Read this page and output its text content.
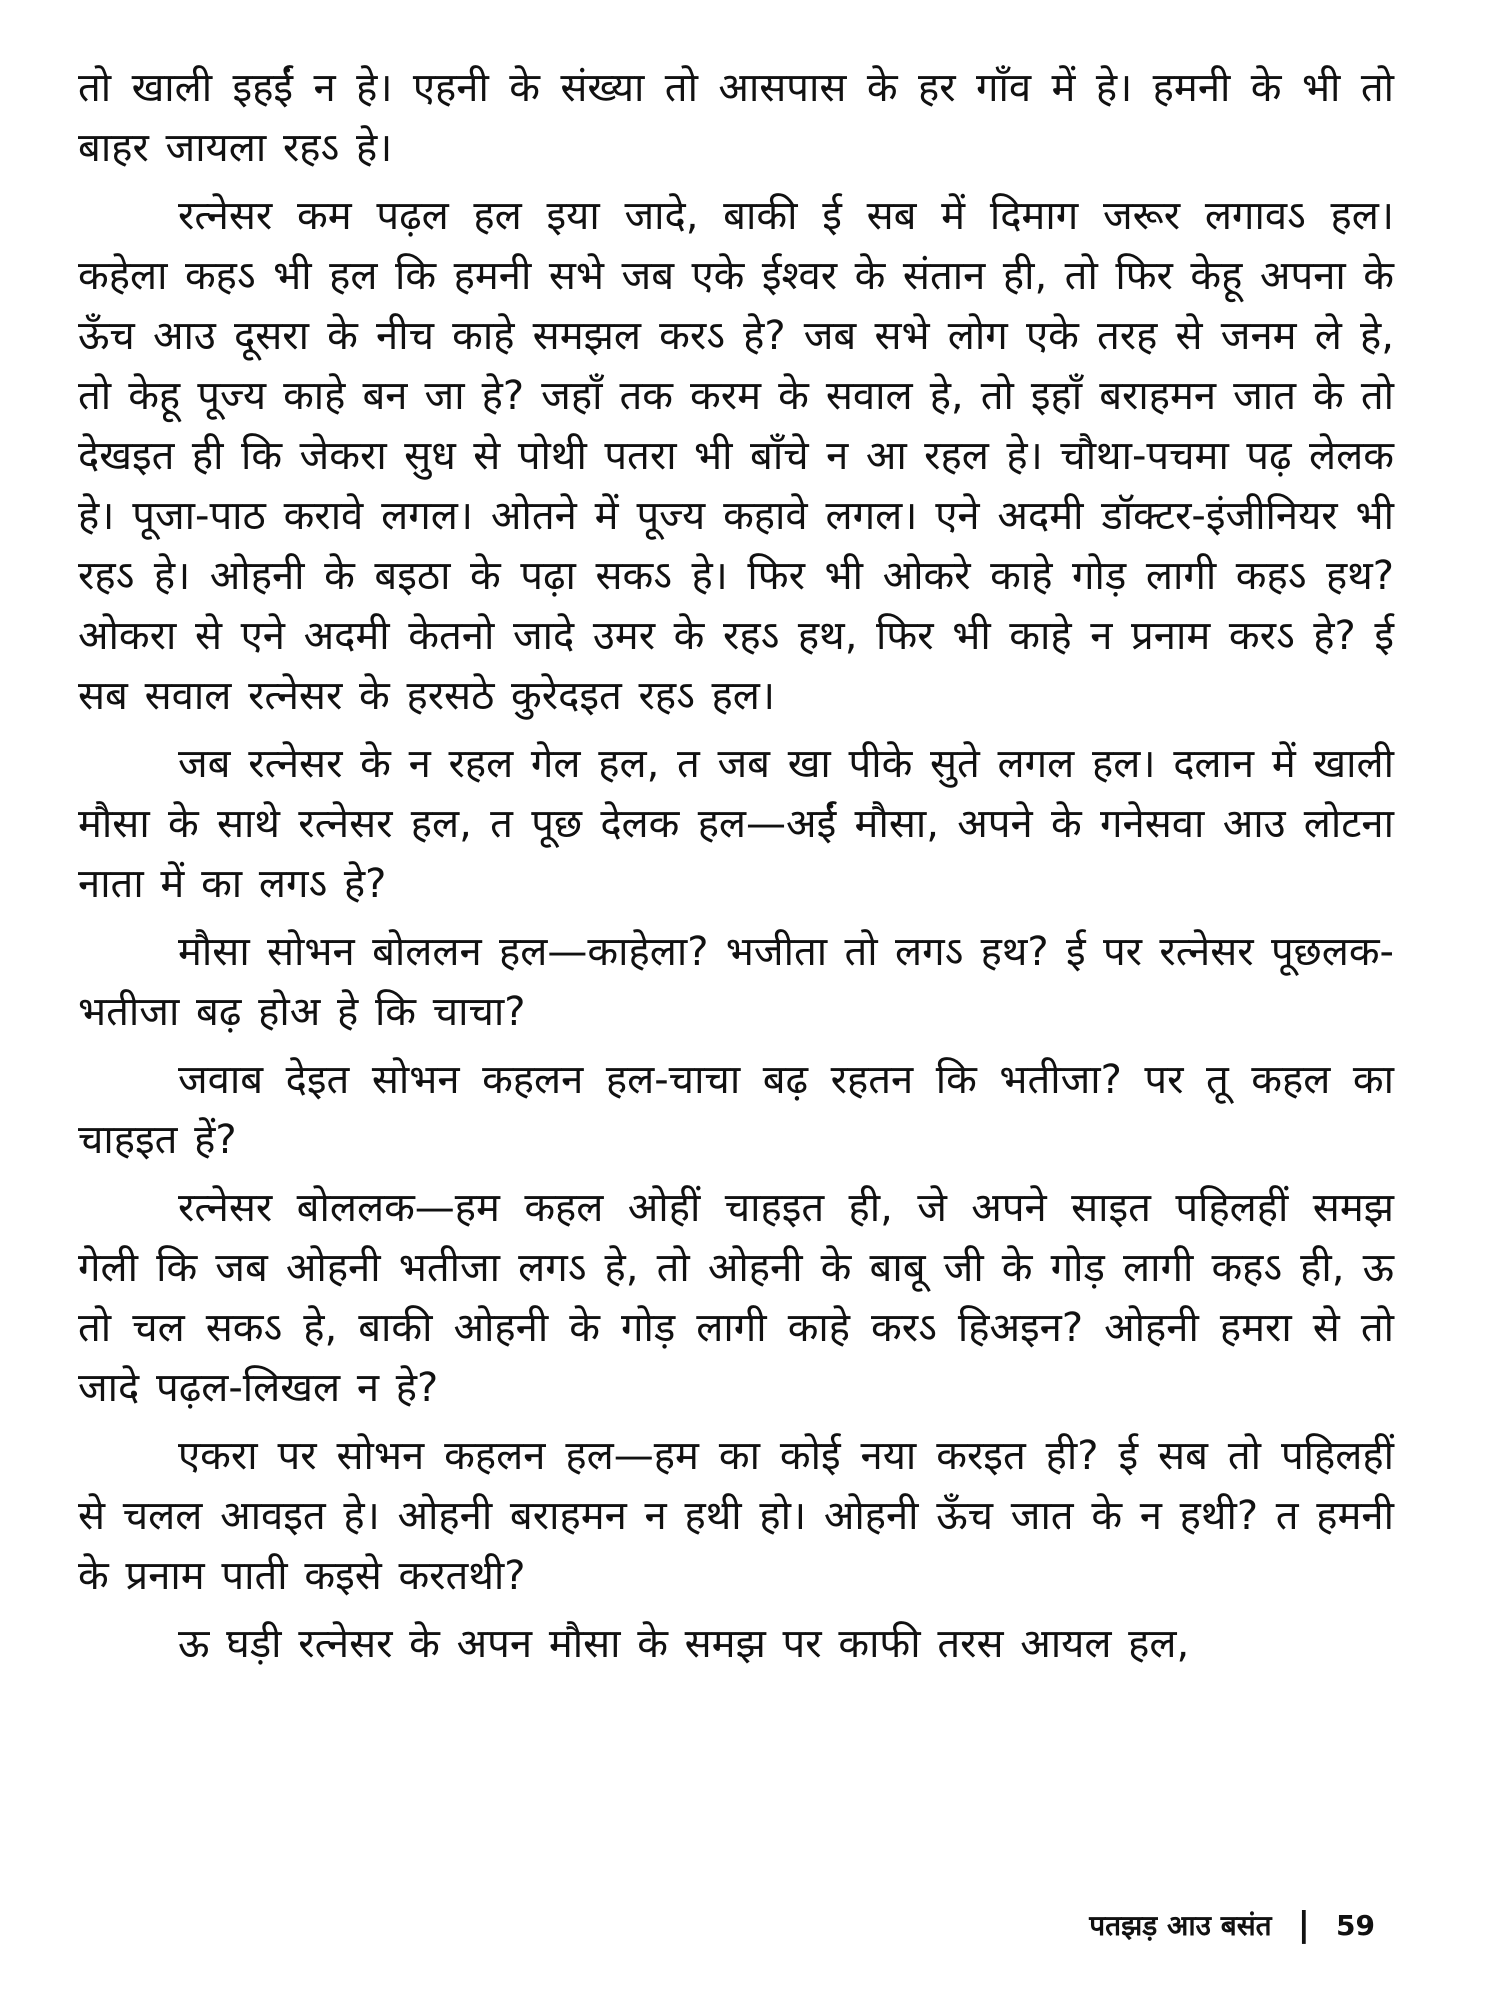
तो खाली इहईं न हे। एहनी के संख्या तो आसपास के हर गाँव में हे। हमनी के भी तो बाहर जायला रहऽ हे।

रत्नेसर कम पढ़ल हल इया जादे, बाकी ई सब में दिमाग जरूर लगावऽ हल। कहेला कहऽ भी हल कि हमनी सभे जब एके ईश्वर के संतान ही, तो फिर केहू अपना के ऊँच आउ दूसरा के नीच काहे समझल करऽ हे? जब सभे लोग एके तरह से जनम ले हे, तो केहू पूज्य काहे बन जा हे? जहाँ तक करम के सवाल हे, तो इहाँ बराहमन जात के तो देखइत ही कि जेकरा सुध से पोथी पतरा भी बाँचे न आ रहल हे। चौथा-पचमा पढ़ लेलक हे। पूजा-पाठ करावे लगल। ओतने में पूज्य कहावे लगल। एने अदमी डॉक्टर-इंजीनियर भी रहऽ हे। ओहनी के बइठा के पढ़ा सकऽ हे। फिर भी ओकरे काहे गोड़ लागी कहऽ हथ? ओकरा से एने अदमी केतनो जादे उमर के रहऽ हथ, फिर भी काहे न प्रनाम करऽ हे? ई सब सवाल रत्नेसर के हरसठे कुरेदइत रहऽ हल।

जब रत्नेसर के न रहल गेल हल, त जब खा पीके सुते लगल हल। दलान में खाली मौसा के साथे रत्नेसर हल, त पूछ देलक हल—अईं मौसा, अपने के गनेसवा आउ लोटना नाता में का लगऽ हे?

मौसा सोभन बोललन हल—काहेला? भजीता तो लगऽ हथ? ई पर रत्नेसर पूछलक-भतीजा बढ़ होअ हे कि चाचा?

जवाब देइत सोभन कहलन हल-चाचा बढ़ रहतन कि भतीजा? पर तू कहल का चाहइत हें?

रत्नेसर बोललक—हम कहल ओहीं चाहइत ही, जे अपने साइत पहिलहीं समझ गेली कि जब ओहनी भतीजा लगऽ हे, तो ओहनी के बाबू जी के गोड़ लागी कहऽ ही, ऊ तो चल सकऽ हे, बाकी ओहनी के गोड़ लागी काहे करऽ हिअइन? ओहनी हमरा से तो जादे पढ़ल-लिखल न हे?

एकरा पर सोभन कहलन हल—हम का कोई नया करइत ही? ई सब तो पहिलहीं से चलल आवइत हे। ओहनी बराहमन न हथी हो। ओहनी ऊँच जात के न हथी? त हमनी के प्रनाम पाती कइसे करतथी?

ऊ घड़ी रत्नेसर के अपन मौसा के समझ पर काफी तरस आयल हल,

पतझड़ आउ बसंत | 59
